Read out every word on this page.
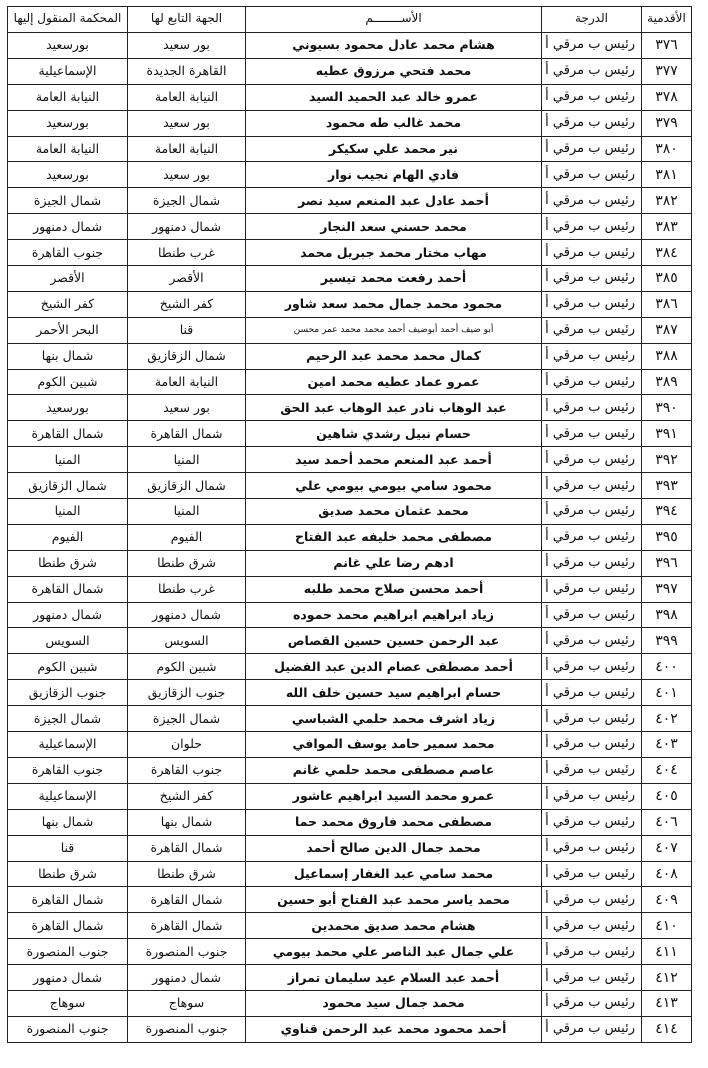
الأقدمية	الدرجة	الأســــــــم	الجهة التابع لها	المحكمة المنقول إليها
٣٧٦	رئيس ب مرقي أ	هشام محمد عادل محمود بسيوني	بور سعيد	بورسعيد
٣٧٧	رئيس ب مرقي أ	محمد فتحي مرزوق عطيه	القاهرة الجديدة	الإسماعيلية
٣٧٨	رئيس ب مرقي أ	عمرو خالد عبد الحميد السيد	النيابة العامة	النيابة العامة
٣٧٩	رئيس ب مرقي أ	محمد غالب طه محمود	بور سعيد	بورسعيد
٣٨٠	رئيس ب مرقي أ	نير محمد علي سكيكر	النيابة العامة	النيابة العامة
٣٨١	رئيس ب مرقي أ	فادي الهام نجيب نوار	بور سعيد	بورسعيد
٣٨٢	رئيس ب مرقي أ	أحمد عادل عبد المنعم سيد نصر	شمال الجيزة	شمال الجيزة
٣٨٣	رئيس ب مرقي أ	محمد حسني سعد النجار	شمال دمنهور	شمال دمنهور
٣٨٤	رئيس ب مرقي أ	مهاب مختار محمد جبريل محمد	غرب طنطا	جنوب القاهرة
٣٨٥	رئيس ب مرقي أ	أحمد رفعت محمد تيسير	الأقصر	الأقصر
٣٨٦	رئيس ب مرقي أ	محمود محمد جمال محمد سعد شاور	كفر الشيخ	كفر الشيخ
٣٨٧	رئيس ب مرقي أ	أبو ضيف أحمد أبوضيف أحمد محمد محمد عمر محسن	قنا	البحر الأحمر
٣٨٨	رئيس ب مرقي أ	كمال محمد محمد عبد الرحيم	شمال الزقازيق	شمال بنها
٣٨٩	رئيس ب مرقي أ	عمرو عماد عطيه محمد امين	النيابة العامة	شبين الكوم
٣٩٠	رئيس ب مرقي أ	عبد الوهاب نادر عبد الوهاب عبد الحق	بور سعيد	بورسعيد
٣٩١	رئيس ب مرقي أ	حسام نبيل رشدي شاهين	شمال القاهرة	شمال القاهرة
٣٩٢	رئيس ب مرقي أ	أحمد عبد المنعم محمد أحمد سيد	المنيا	المنيا
٣٩٣	رئيس ب مرقي أ	محمود سامي بيومي بيومي علي	شمال الزقازيق	شمال الزقازيق
٣٩٤	رئيس ب مرقي أ	محمد عثمان محمد صديق	المنيا	المنيا
٣٩٥	رئيس ب مرقي أ	مصطفى محمد خليفه عبد الفتاح	الفيوم	الفيوم
٣٩٦	رئيس ب مرقي أ	ادهم رضا علي غانم	شرق طنطا	شرق طنطا
٣٩٧	رئيس ب مرقي أ	أحمد محسن صلاح محمد طلبه	غرب طنطا	شمال القاهرة
٣٩٨	رئيس ب مرقي أ	زياد ابراهيم ابراهيم محمد حموده	شمال دمنهور	شمال دمنهور
٣٩٩	رئيس ب مرقي أ	عبد الرحمن حسين حسين القصاص	السويس	السويس
٤٠٠	رئيس ب مرقي أ	أحمد مصطفى عصام الدين عبد الفضيل	شبين الكوم	شبين الكوم
٤٠١	رئيس ب مرقي أ	حسام ابراهيم سيد حسين خلف الله	جنوب الزقازيق	جنوب الزقازيق
٤٠٢	رئيس ب مرقي أ	زياد اشرف محمد حلمي الشباسي	شمال الجيزة	شمال الجيزة
٤٠٣	رئيس ب مرقي أ	محمد سمير حامد يوسف الموافي	حلوان	الإسماعيلية
٤٠٤	رئيس ب مرقي أ	عاصم مصطفى محمد حلمي غانم	جنوب القاهرة	جنوب القاهرة
٤٠٥	رئيس ب مرقي أ	عمرو محمد السيد ابراهيم عاشور	كفر الشيخ	الإسماعيلية
٤٠٦	رئيس ب مرقي أ	مصطفى محمد فاروق محمد حما	شمال بنها	شمال بنها
٤٠٧	رئيس ب مرقي أ	محمد جمال الدين صالح أحمد	شمال القاهرة	قنا
٤٠٨	رئيس ب مرقي أ	محمد سامي عبد الغفار إسماعيل	شرق طنطا	شرق طنطا
٤٠٩	رئيس ب مرقي أ	محمد ياسر محمد عبد الفتاح أبو حسين	شمال القاهرة	شمال القاهرة
٤١٠	رئيس ب مرقي أ	هشام محمد صديق محمدين	شمال القاهرة	شمال القاهرة
٤١١	رئيس ب مرقي أ	علي جمال عبد الناصر علي محمد بيومي	جنوب المنصورة	جنوب المنصورة
٤١٢	رئيس ب مرقي أ	أحمد عبد السلام عيد سليمان تمراز	شمال دمنهور	شمال دمنهور
٤١٣	رئيس ب مرقي أ	محمد جمال سيد محمود	سوهاج	سوهاج
٤١٤	رئيس ب مرقي أ	أحمد محمود محمد عبد الرحمن قناوي	جنوب المنصورة	جنوب المنصورة
